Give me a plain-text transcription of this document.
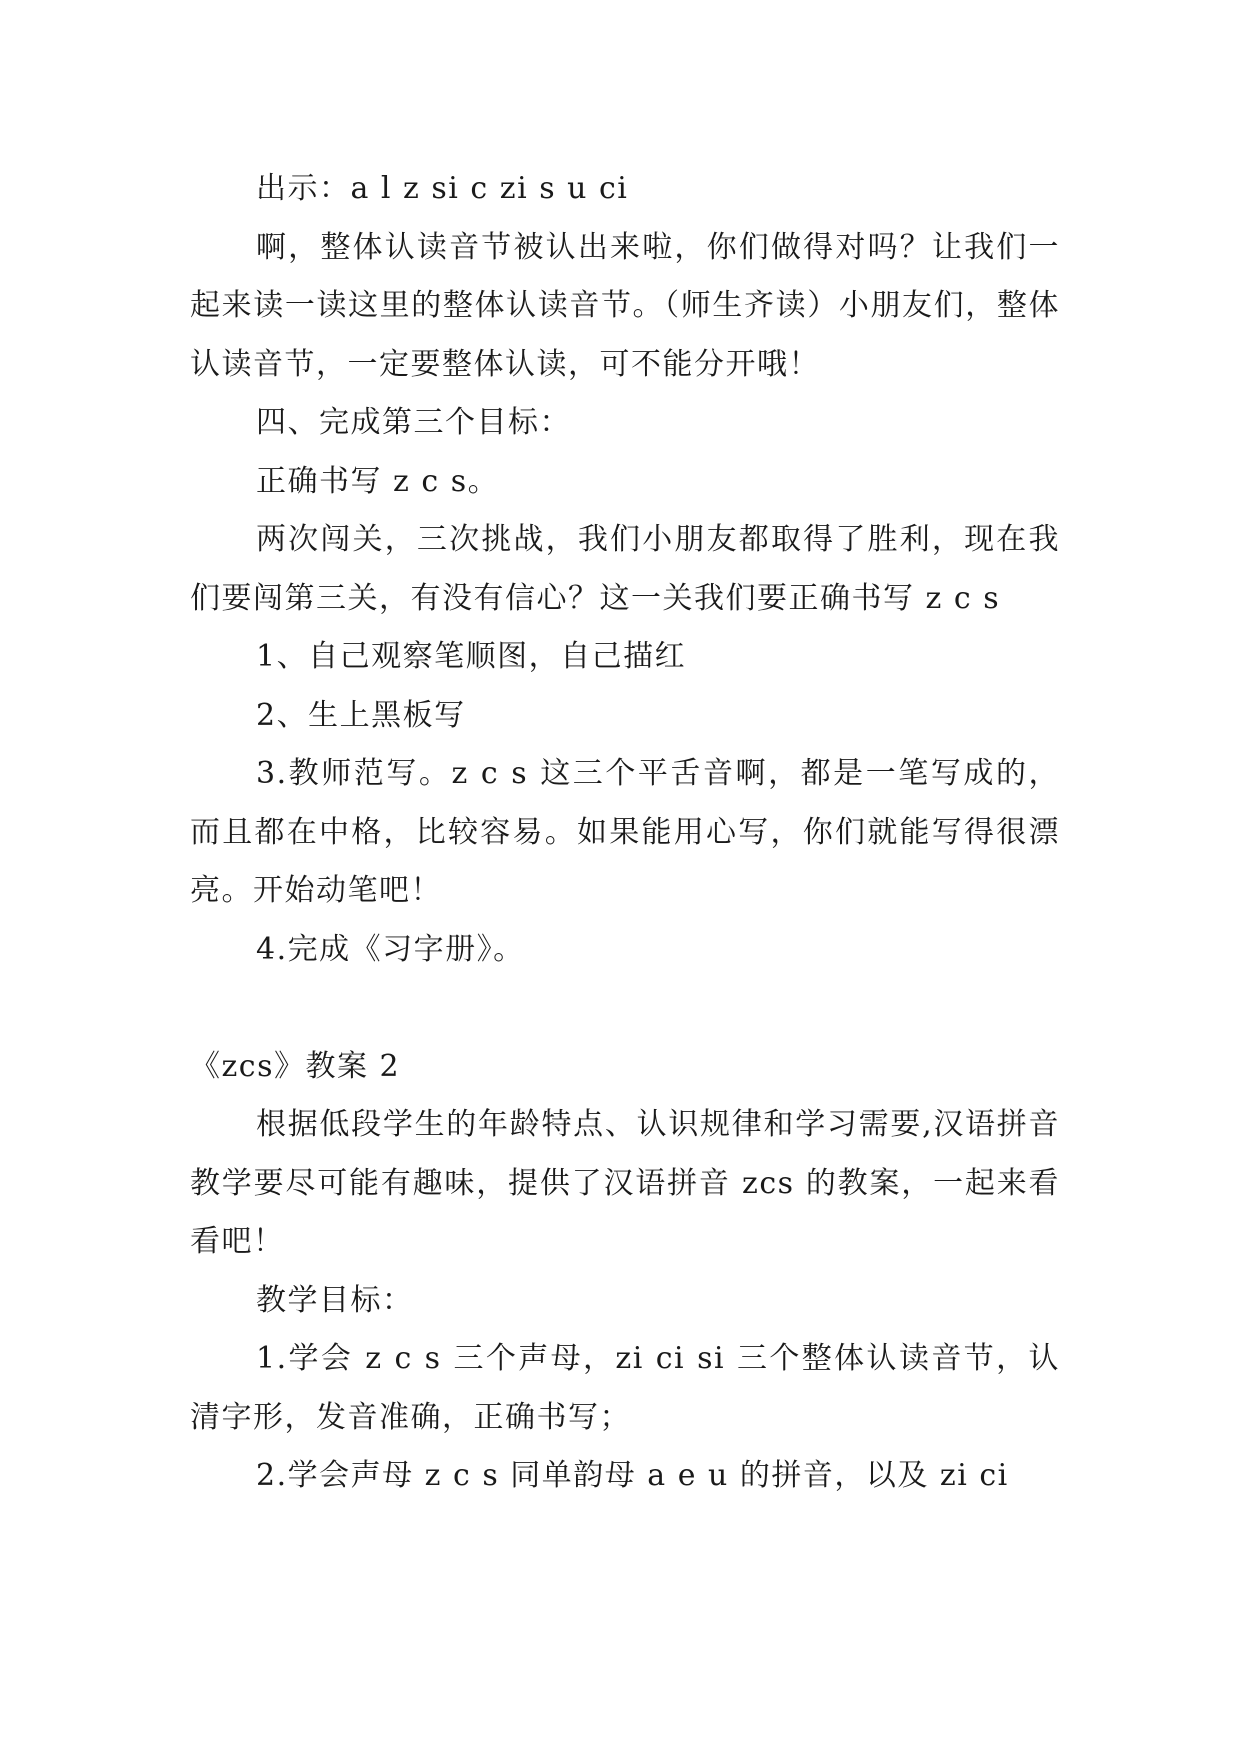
出示：a l z si c zi s u ci

啊，整体认读音节被认出来啦，你们做得对吗？让我们一起来读一读这里的整体认读音节。（师生齐读）小朋友们，整体认读音节，一定要整体认读，可不能分开哦！

四、完成第三个目标：

正确书写 z c s。

两次闯关，三次挑战，我们小朋友都取得了胜利，现在我们要闯第三关，有没有信心？这一关我们要正确书写 z c s

1、自己观察笔顺图，自己描红

2、生上黑板写

3.教师范写。z c s 这三个平舌音啊，都是一笔写成的，而且都在中格，比较容易。如果能用心写，你们就能写得很漂亮。开始动笔吧！

4.完成《习字册》。

《zcs》教案 2

根据低段学生的年龄特点、认识规律和学习需要,汉语拼音教学要尽可能有趣味，提供了汉语拼音 zcs 的教案，一起来看看吧！

教学目标：

1.学会 z c s 三个声母，zi ci si 三个整体认读音节，认清字形，发音准确，正确书写；

2.学会声母 z c s 同单韵母 a e u 的拼音，以及 zi ci
